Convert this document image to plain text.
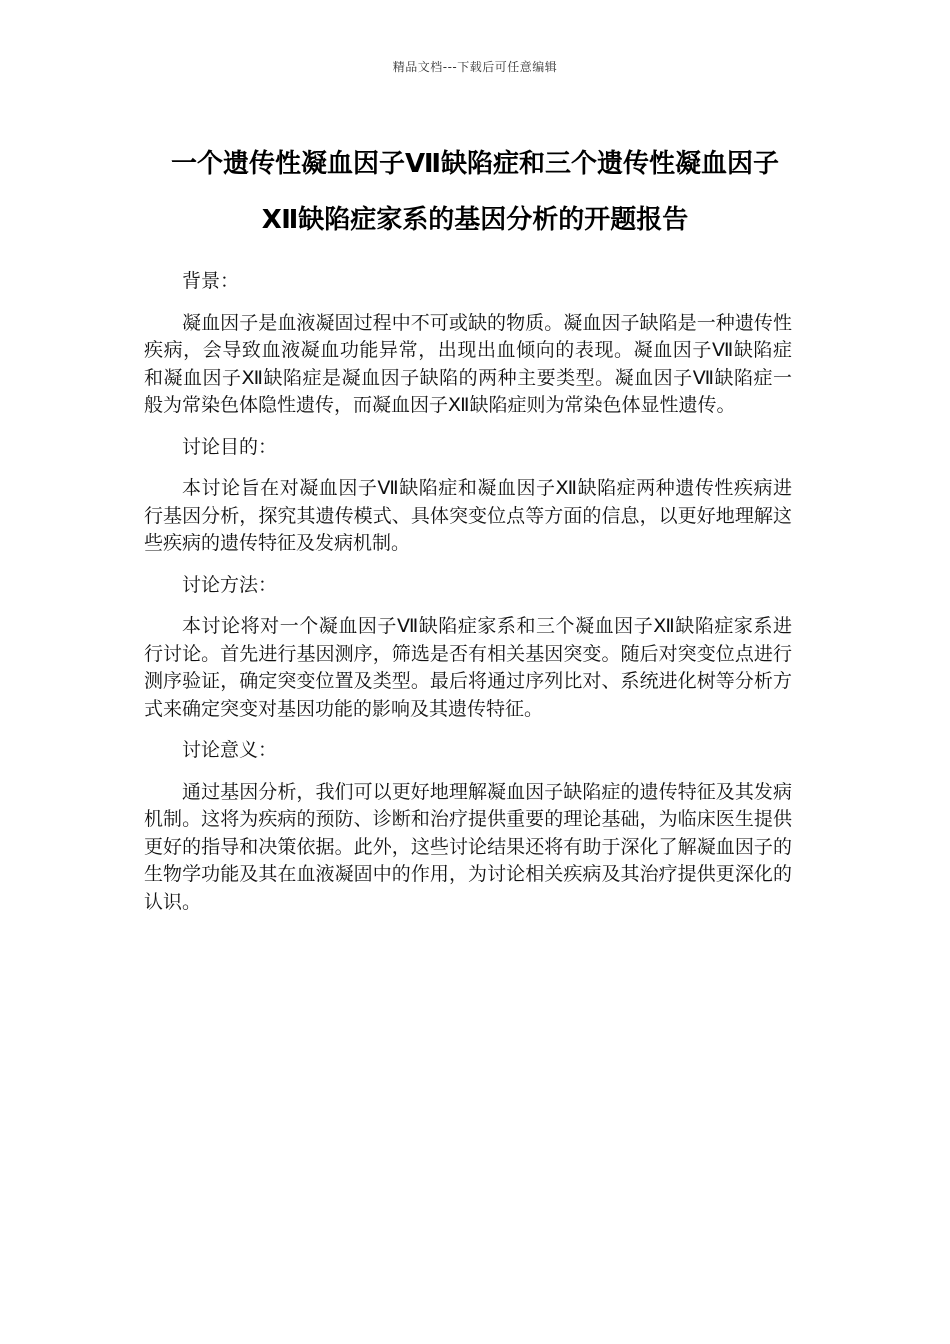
精品文档---下载后可任意编辑
一个遗传性凝血因子Ⅶ缺陷症和三个遗传性凝血因子
Ⅻ缺陷症家系的基因分析的开题报告

背景：

凝血因子是血液凝固过程中不可或缺的物质。凝血因子缺陷是一种遗传性疾病，会导致血液凝血功能异常，出现出血倾向的表现。凝血因子Ⅶ缺陷症和凝血因子Ⅻ缺陷症是凝血因子缺陷的两种主要类型。凝血因子Ⅶ缺陷症一般为常染色体隐性遗传，而凝血因子Ⅻ缺陷症则为常染色体显性遗传。

讨论目的：

本讨论旨在对凝血因子Ⅶ缺陷症和凝血因子Ⅻ缺陷症两种遗传性疾病进行基因分析，探究其遗传模式、具体突变位点等方面的信息，以更好地理解这些疾病的遗传特征及发病机制。

讨论方法：

本讨论将对一个凝血因子Ⅶ缺陷症家系和三个凝血因子Ⅻ缺陷症家系进行讨论。首先进行基因测序，筛选是否有相关基因突变。随后对突变位点进行测序验证，确定突变位置及类型。最后将通过序列比对、系统进化树等分析方式来确定突变对基因功能的影响及其遗传特征。

讨论意义：

通过基因分析，我们可以更好地理解凝血因子缺陷症的遗传特征及其发病机制。这将为疾病的预防、诊断和治疗提供重要的理论基础，为临床医生提供更好的指导和决策依据。此外，这些讨论结果还将有助于深化了解凝血因子的生物学功能及其在血液凝固中的作用，为讨论相关疾病及其治疗提供更深化的认识。
